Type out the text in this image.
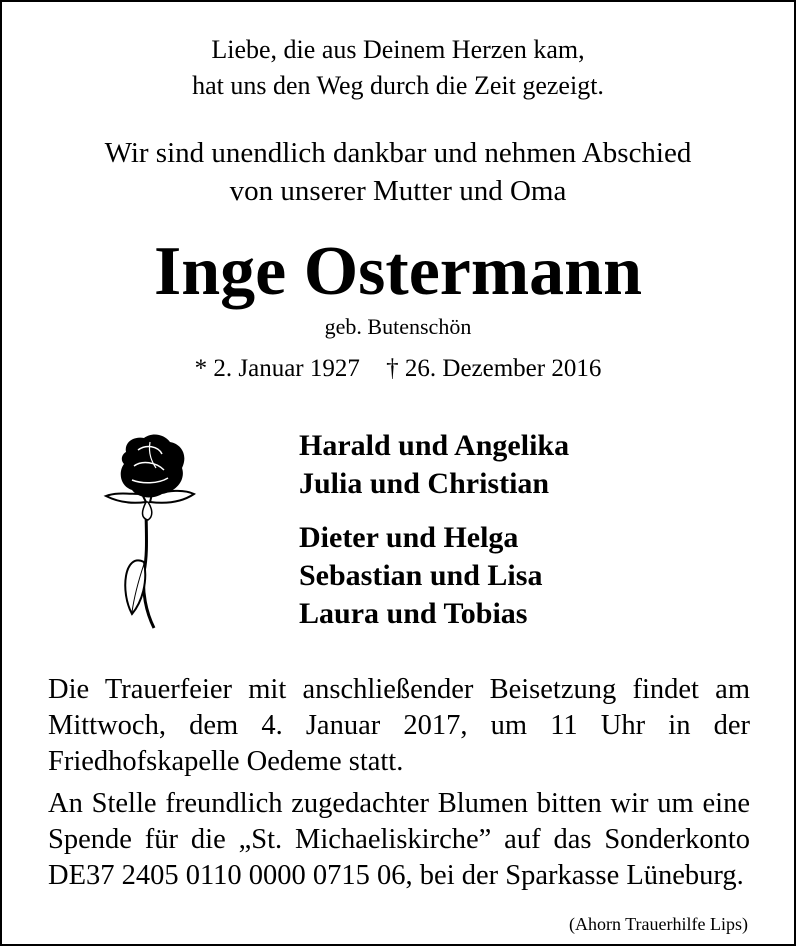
Liebe, die aus Deinem Herzen kam,
hat uns den Weg durch die Zeit gezeigt.
Wir sind unendlich dankbar und nehmen Abschied
von unserer Mutter und Oma
Inge Ostermann
geb. Butenschön
* 2. Januar 1927 † 26. Dezember 2016
Harald und Angelika
Julia und Christian
Dieter und Helga
Sebastian und Lisa
Laura und Tobias

Die Trauerfeier mit anschließender Beisetzung findet am Mittwoch, dem 4. Januar 2017, um 11 Uhr in der Friedhofskapelle Oedeme statt.

An Stelle freundlich zugedachter Blumen bitten wir um eine Spende für die „St. Michaeliskirche” auf das Sonderkonto DE37 2405 0110 0000 0715 06, bei der Sparkasse Lüneburg.

(Ahorn Trauerhilfe Lips)
